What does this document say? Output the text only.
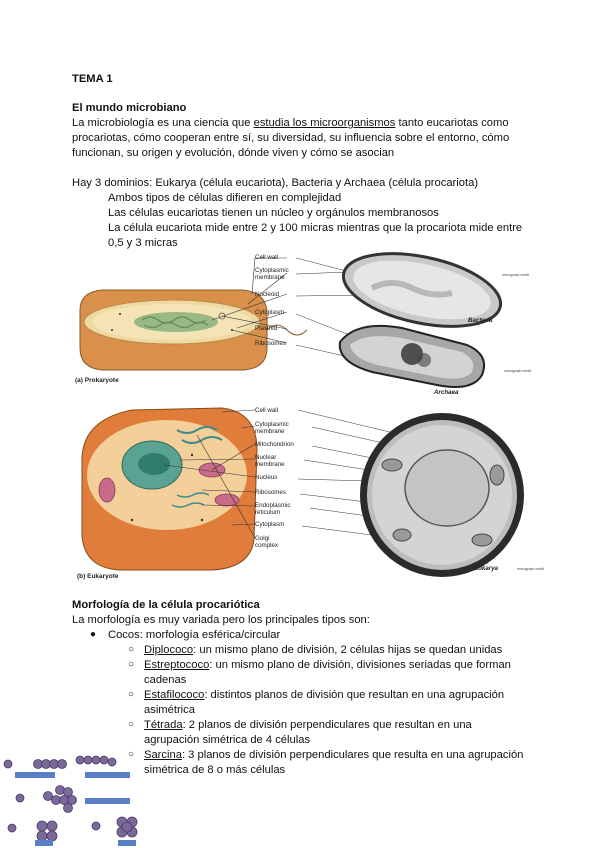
TEMA 1
El mundo microbiano
La microbiología es una ciencia que estudia los microorganismos tanto eucariotas como
procariotas, cómo cooperan entre sí, su diversidad, su influencia sobre el entorno, cómo
funcionan, su origen y evolución, dónde viven y cómo se asocian
Hay 3 dominios: Eukarya (célula eucariota), Bacteria y Archaea (célula procariota)
Ambos tipos de células difieren en complejidad
Las células eucariotas tienen un núcleo y orgánulos membranosos
La célula eucariota mide entre 2 y 100 micras mientras que la procariota mide entre
0,5 y 3 micras
(a) Prokaryote
Cell wall
Cytoplasmic
membrane
Nucleoid
Cytoplasm
Plasmid
Ribosomes
Bacteria
micrograph credit
Archaea
micrograph credit
(b) Eukaryote
Cell wall
Cytoplasmic
membrane
Mitochondrion
Nuclear
membrane
Nucleus
Ribosomes
Endoplasmic
reticulum
Cytoplasm
Golgi
complex
Eukarya	micrograph credit
Morfología de la célula procariótica
La morfología es muy variada pero los principales tipos son:
● Cocos: morfología esférica/circular
○ Diplococo: un mismo plano de división, 2 células hijas se quedan unidas
○ Estreptococo: un mismo plano de división, divisiones seriadas que forman
cadenas
○ Estafilococo: distintos planos de división que resultan en una agrupación
asimétrica
○ Tétrada: 2 planos de división perpendiculares que resultan en una
agrupación simétrica de 4 células
○ Sarcina: 3 planos de división perpendiculares que resulta en una agrupación
simétrica de 8 o más células
